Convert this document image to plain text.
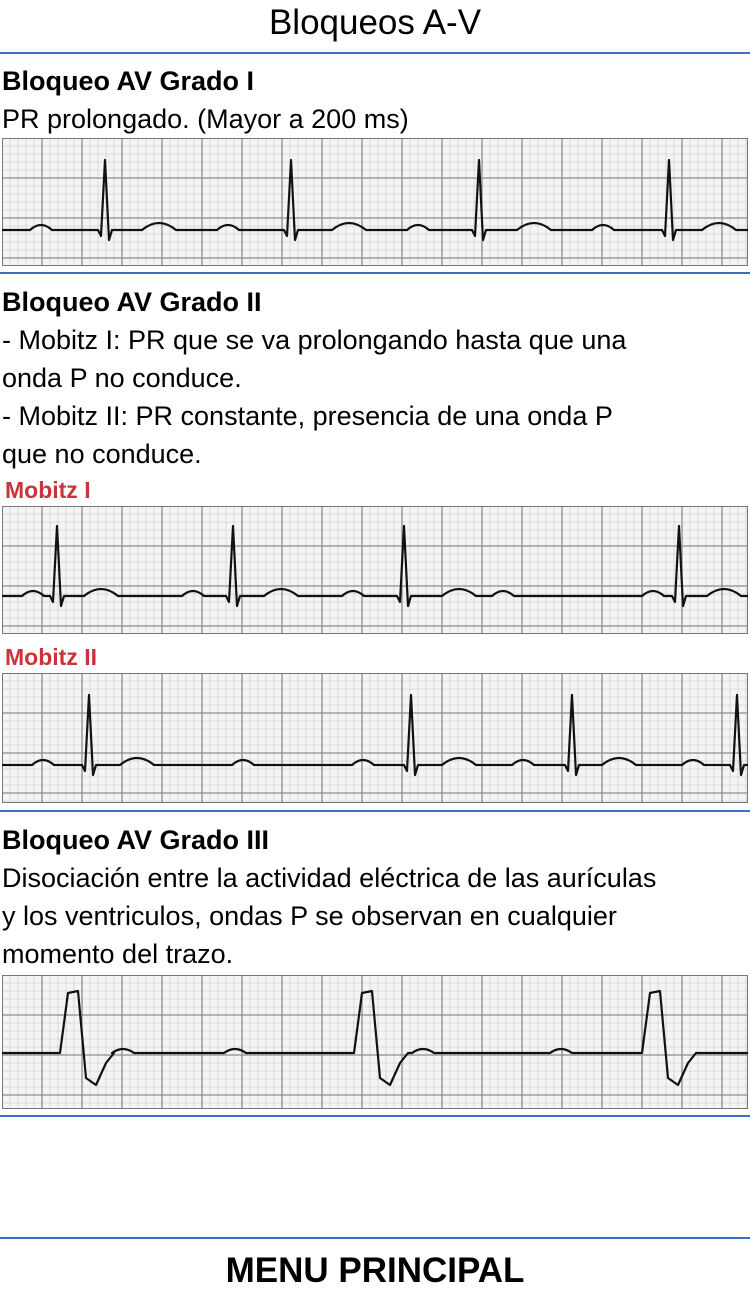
Bloqueos A-V
Bloqueo AV Grado I
PR prolongado. (Mayor a 200 ms)
Bloqueo AV Grado II
- Mobitz I: PR que se va prolongando hasta que una
onda P no conduce.
- Mobitz II: PR constante, presencia de una onda P
que no conduce.
Mobitz I
Mobitz II
Bloqueo AV Grado III
Disociación entre la actividad eléctrica de las aurículas
y los ventriculos, ondas P se observan en cualquier
momento del trazo.
MENU PRINCIPAL
